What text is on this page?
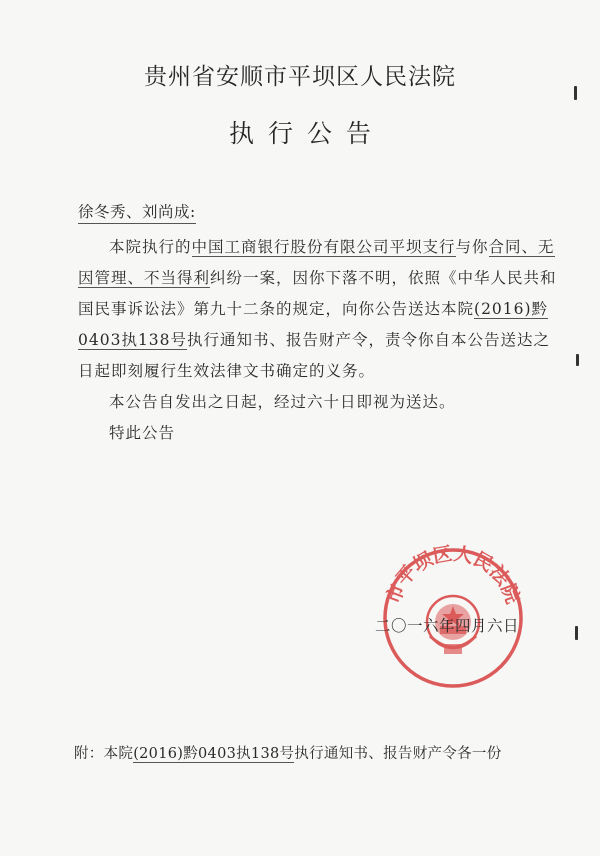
贵州省安顺市平坝区人民法院
执行公告
徐冬秀、刘尚成:

本院执行的中国工商银行股份有限公司平坝支行与你合同、无因管理、不当得利纠纷一案，因你下落不明，依照《中华人民共和国民事诉讼法》第九十二条的规定，向你公告送达本院(2016)黔0403执138号执行通知书、报告财产令，责令你自本公告送达之日起即刻履行生效法律文书确定的义务。

本公告自发出之日起，经过六十日即视为送达。

特此公告

市平坝区人民法院
二〇一六年四月六日
附：本院(2016)黔0403执138号执行通知书、报告财产令各一份
